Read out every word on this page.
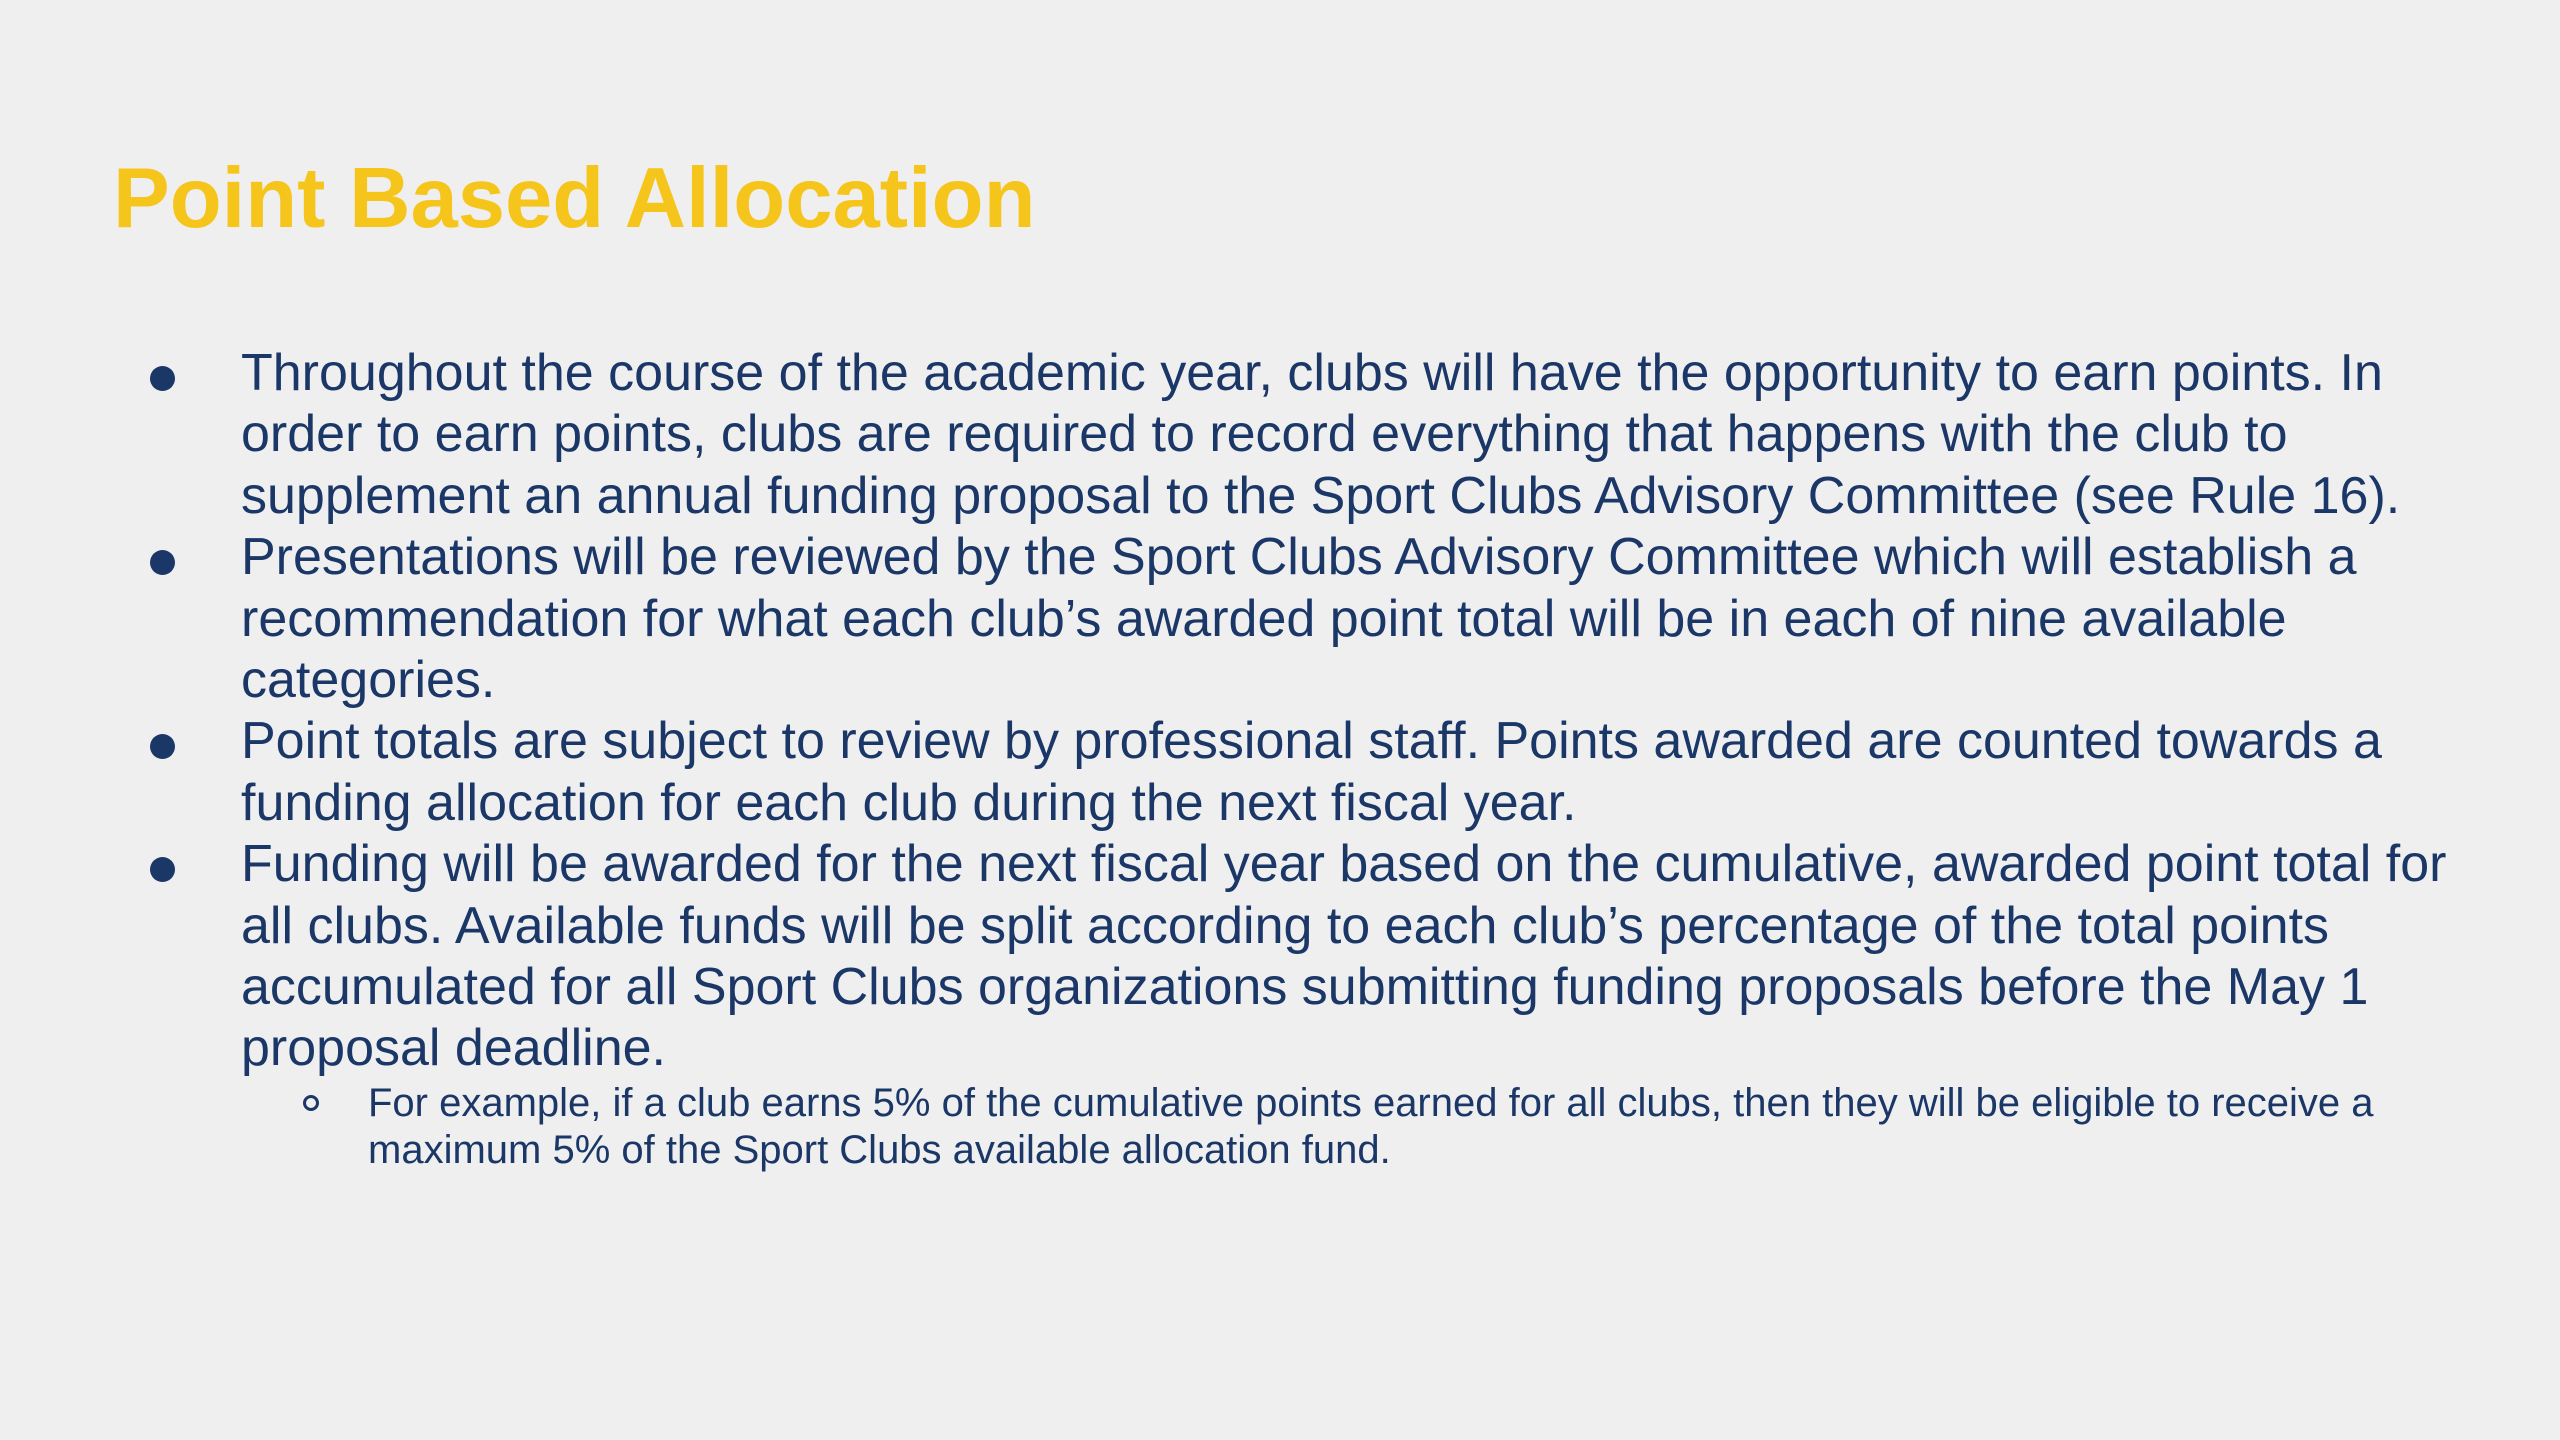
Point Based Allocation
Throughout the course of the academic year, clubs will have the opportunity to earn points. In order to earn points, clubs are required to record everything that happens with the club to supplement an annual funding proposal to the Sport Clubs Advisory Committee (see Rule 16).
Presentations will be reviewed by the Sport Clubs Advisory Committee which will establish a recommendation for what each club’s awarded point total will be in each of nine available categories.
Point totals are subject to review by professional staff. Points awarded are counted towards a funding allocation for each club during the next fiscal year.
Funding will be awarded for the next fiscal year based on the cumulative, awarded point total for all clubs. Available funds will be split according to each club’s percentage of the total points accumulated for all Sport Clubs organizations submitting funding proposals before the May 1 proposal deadline.
For example, if a club earns 5% of the cumulative points earned for all clubs, then they will be eligible to receive a maximum 5% of the Sport Clubs available allocation fund.
